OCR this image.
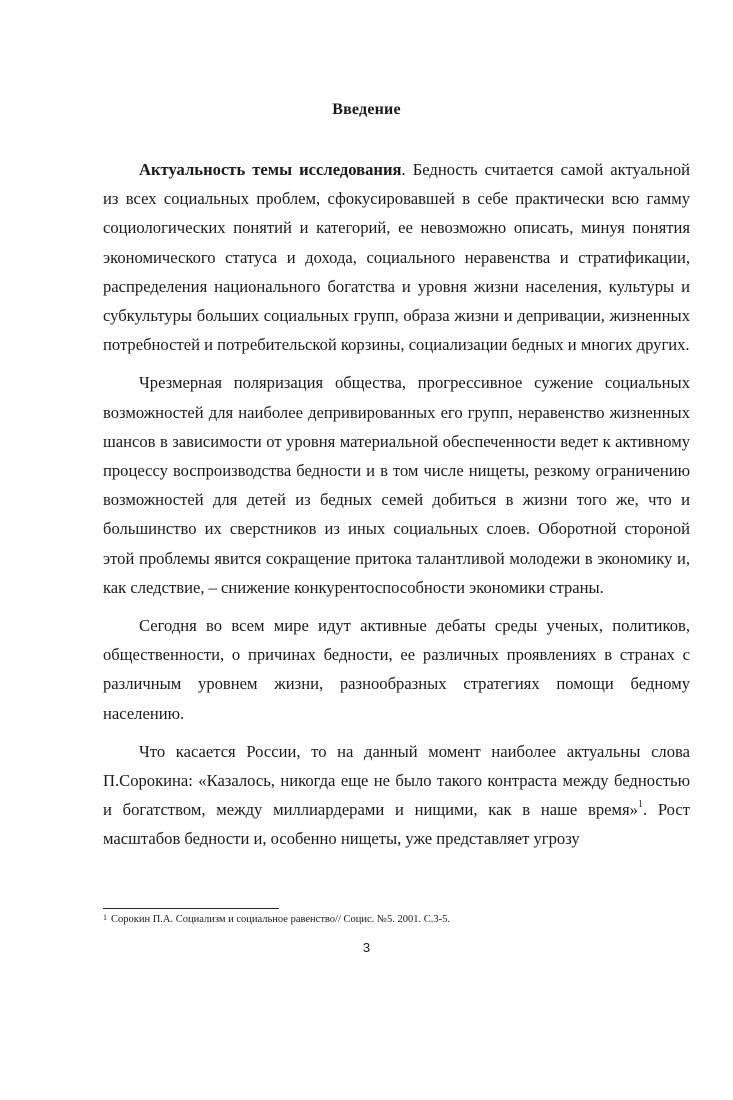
Введение

Актуальность темы исследования. Бедность считается самой актуальной из всех социальных проблем, сфокусировавшей в себе практически всю гамму социологических понятий и категорий, ее невозможно описать, минуя понятия экономического статуса и дохода, социального неравенства и стратификации, распределения национального богатства и уровня жизни населения, культуры и субкультуры больших социальных групп, образа жизни и депривации, жизненных потребностей и потребительской корзины, социализации бедных и многих других.

Чрезмерная поляризация общества, прогрессивное сужение социальных возможностей для наиболее депривированных его групп, неравенство жизненных шансов в зависимости от уровня материальной обеспеченности ведет к активному процессу воспроизводства бедности и в том числе нищеты, резкому ограничению возможностей для детей из бедных семей добиться в жизни того же, что и большинство их сверстников из иных социальных слоев. Оборотной стороной этой проблемы явится сокращение притока талантливой молодежи в экономику и, как следствие, – снижение конкурентоспособности экономики страны.

Сегодня во всем мире идут активные дебаты среды ученых, политиков, общественности, о причинах бедности, ее различных проявлениях в странах с различным уровнем жизни, разнообразных стратегиях помощи бедному населению.

Что касается России, то на данный момент наиболее актуальны слова П.Сорокина: «Казалось, никогда еще не было такого контраста между бедностью и богатством, между миллиардерами и нищими, как в наше время»$^1$. Рост масштабов бедности и, особенно нищеты, уже представляет угрозу

$^1$ Сорокин П.А. Социализм и социальное равенство// Социс. №5. 2001. С.3-5.
3
